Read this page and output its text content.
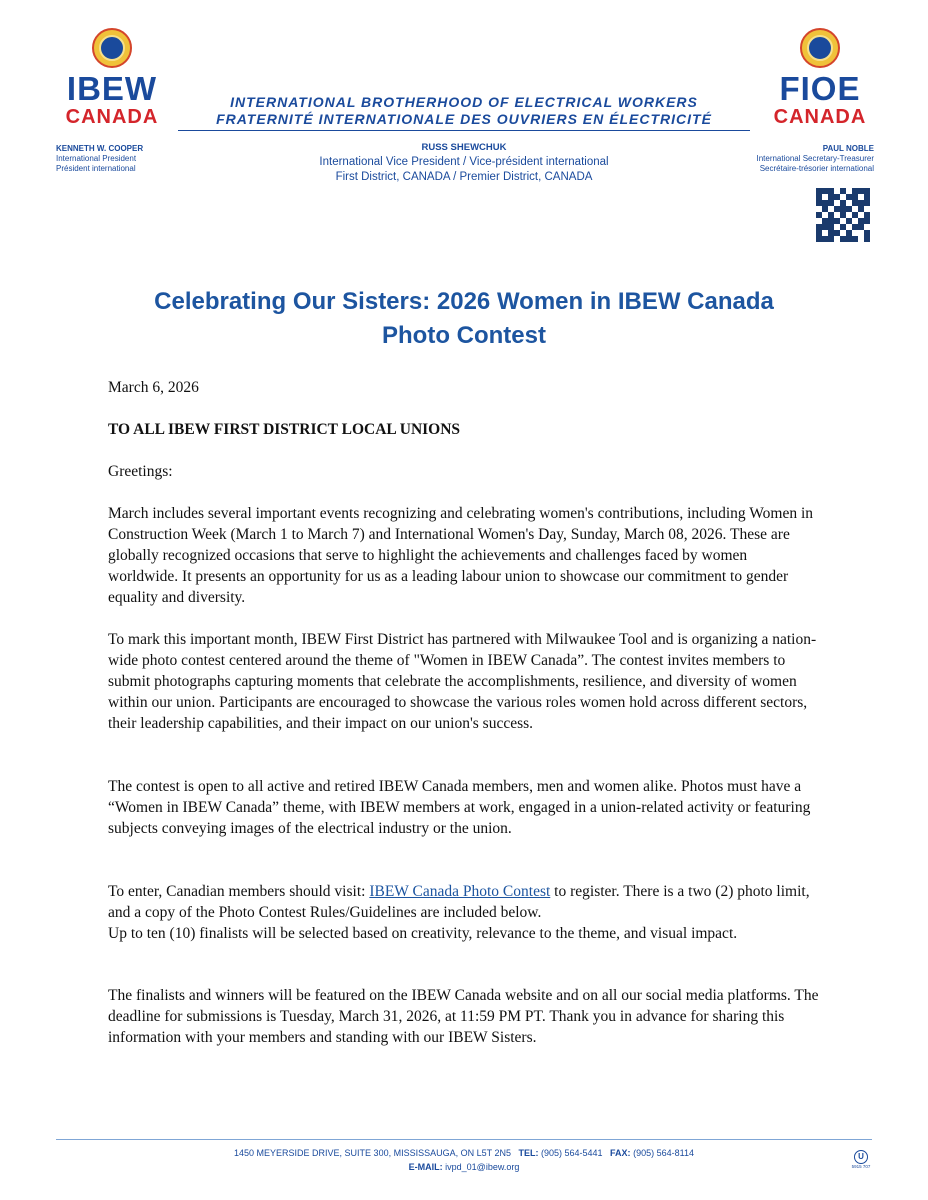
IBEW
CANADA
FIOE
CANADA
INTERNATIONAL BROTHERHOOD OF ELECTRICAL WORKERS
FRATERNITÉ INTERNATIONALE DES OUVRIERS EN ÉLECTRICITÉ
KENNETH W. COOPER
International President
Président international
RUSS SHEWCHUK
International Vice President / Vice-président international
First District, CANADA / Premier District, CANADA
PAUL NOBLE
International Secretary-Treasurer
Secrétaire-trésorier international
Celebrating Our Sisters: 2026 Women in IBEW Canada
Photo Contest
March 6, 2026
TO ALL IBEW FIRST DISTRICT LOCAL UNIONS
Greetings:
March includes several important events recognizing and celebrating women's contributions, including Women in Construction Week (March 1 to March 7) and International Women's Day, Sunday, March 08, 2026. These are globally recognized occasions that serve to highlight the achievements and challenges faced by women worldwide. It presents an opportunity for us as a leading labour union to showcase our commitment to gender equality and diversity.
To mark this important month, IBEW First District has partnered with Milwaukee Tool and is organizing a nation-wide photo contest centered around the theme of "Women in IBEW Canada”. The contest invites members to submit photographs capturing moments that celebrate the accomplishments, resilience, and diversity of women within our union. Participants are encouraged to showcase the various roles women hold across different sectors, their leadership capabilities, and their impact on our union's success.
The contest is open to all active and retired IBEW Canada members, men and women alike. Photos must have a “Women in IBEW Canada” theme, with IBEW members at work, engaged in a union-related activity or featuring subjects conveying images of the electrical industry or the union.
To enter, Canadian members should visit: IBEW Canada Photo Contest to register. There is a two (2) photo limit, and a copy of the Photo Contest Rules/Guidelines are included below.
Up to ten (10) finalists will be selected based on creativity, relevance to the theme, and visual impact.
The finalists and winners will be featured on the IBEW Canada website and on all our social media platforms. The deadline for submissions is Tuesday, March 31, 2026, at 11:59 PM PT. Thank you in advance for sharing this information with your members and standing with our IBEW Sisters.
1450 MEYERSIDE DRIVE, SUITE 300, MISSISSAUGA, ON L5T 2N5 TEL: (905) 564-5441 FAX: (905) 564-8114
E-MAIL: ivpd_01@ibew.org
U
5915 707
